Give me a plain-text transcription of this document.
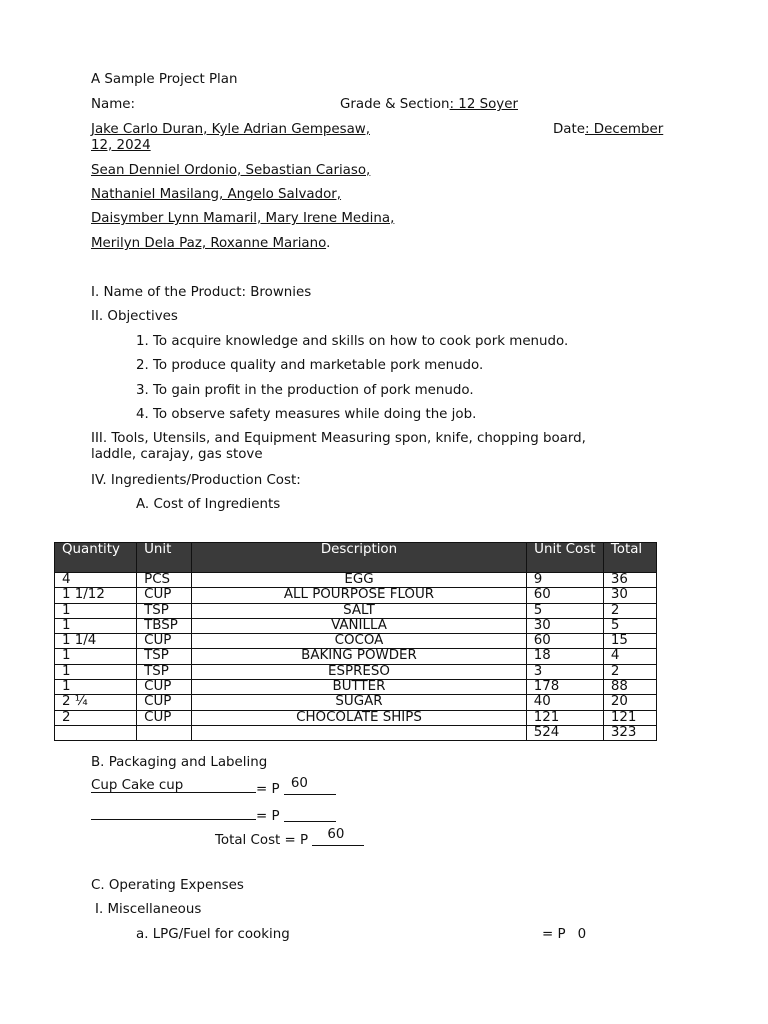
A Sample Project Plan
Name:	Grade & Section: 12 Soyer
Jake Carlo Duran, Kyle Adrian Gempesaw,	Date: December
12, 2024
Sean Denniel Ordonio, Sebastian Cariaso,
Nathaniel Masilang, Angelo Salvador,
Daisymber Lynn Mamaril, Mary Irene Medina,
Merilyn Dela Paz, Roxanne Mariano.
I. Name of the Product: Brownies
II. Objectives
1. To acquire knowledge and skills on how to cook pork menudo.
2. To produce quality and marketable pork menudo.
3. To gain profit in the production of pork menudo.
4. To observe safety measures while doing the job.
III. Tools, Utensils, and Equipment Measuring spon, knife, chopping board,
laddle, carajay, gas stove
IV. Ingredients/Production Cost:
A. Cost of Ingredients
Quantity	Unit	Description	Unit Cost	Total
4	PCS	EGG	9	36
1 1/12	CUP	ALL POURPOSE FLOUR	60	30
1	TSP	SALT	5	2
1	TBSP	VANILLA	30	5
1 1/4	CUP	COCOA	60	15
1	TSP	BAKING POWDER	18	4
1	TSP	ESPRESO	3	2
1	CUP	BUTTER	178	88
2 ¼	CUP	SUGAR	40	20
2	CUP	CHOCOLATE SHIPS	121	121
			524	323
B. Packaging and Labeling
Cup Cake cup	= P 60
= P
Total Cost = P 60
C. Operating Expenses
I. Miscellaneous
a. LPG/Fuel for cooking	= P 0
